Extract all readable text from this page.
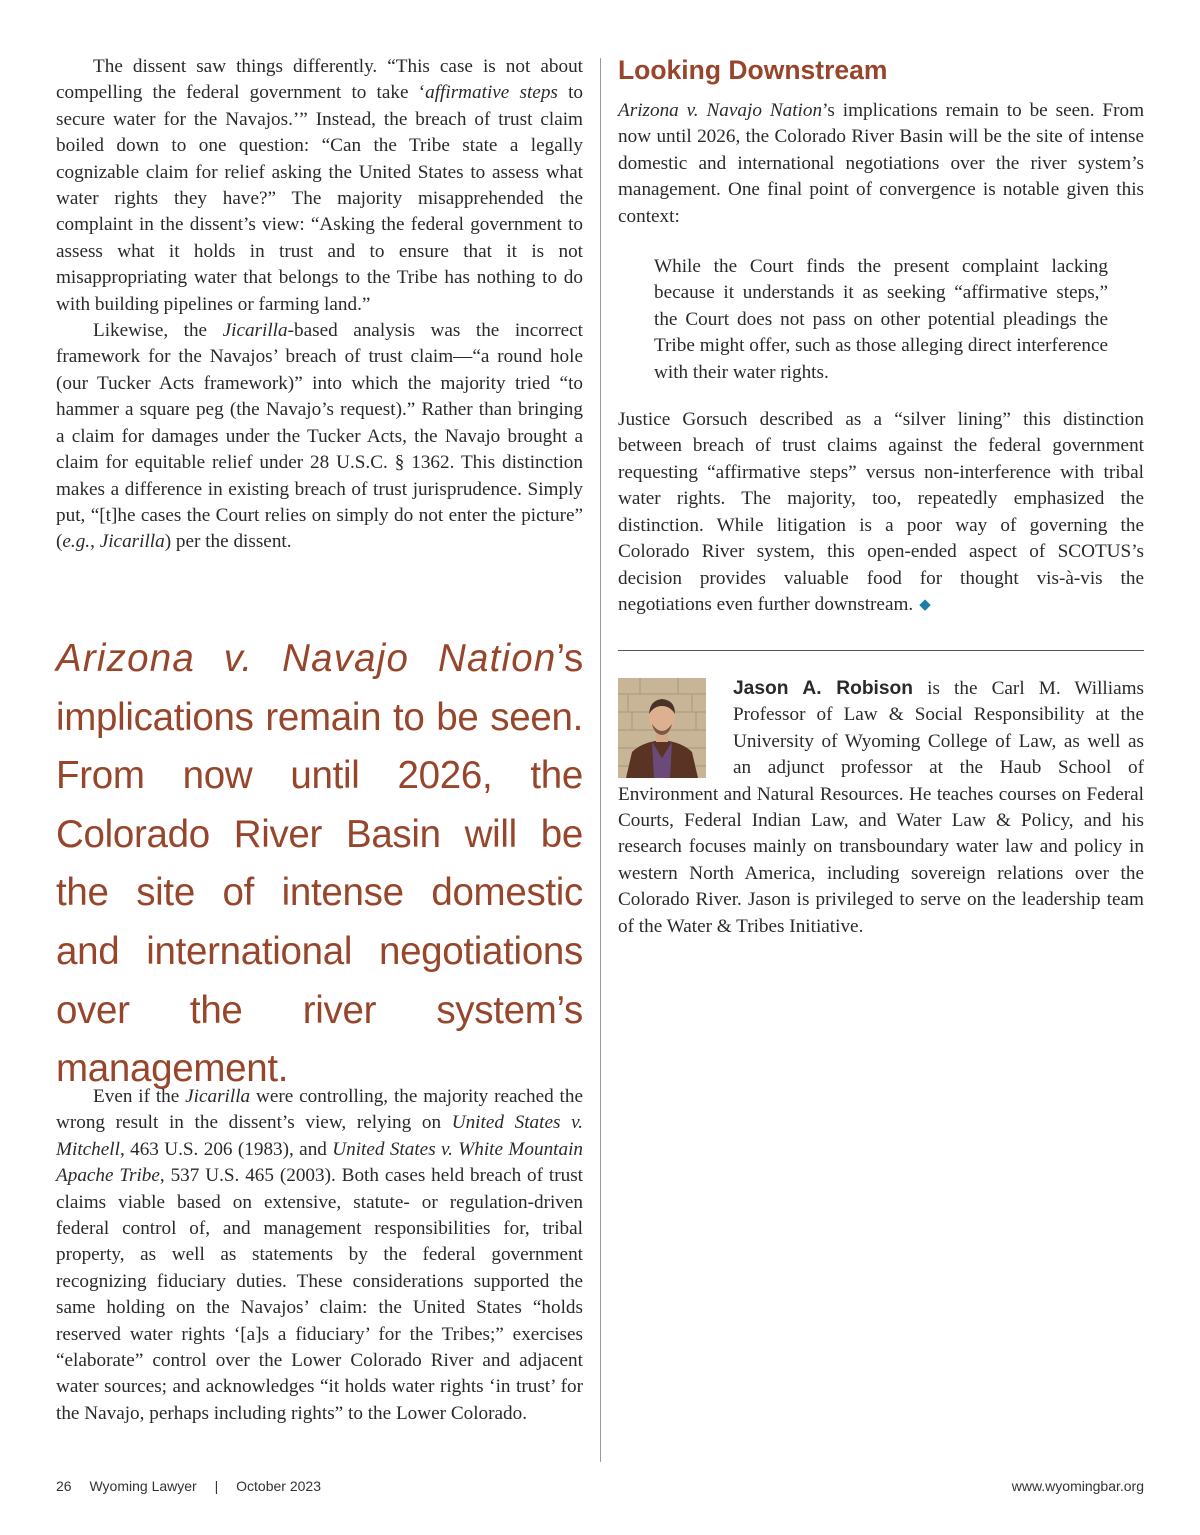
The dissent saw things differently. “This case is not about compelling the federal government to take ‘affirmative steps to secure water for the Navajos.’” Instead, the breach of trust claim boiled down to one question: “Can the Tribe state a legally cognizable claim for relief asking the United States to assess what water rights they have?” The majority misapprehended the complaint in the dissent’s view: “Asking the federal government to assess what it holds in trust and to ensure that it is not misappropriating water that belongs to the Tribe has nothing to do with building pipelines or farming land.”

Likewise, the Jicarilla-based analysis was the incorrect framework for the Navajos’ breach of trust claim—“a round hole (our Tucker Acts framework)” into which the majority tried “to hammer a square peg (the Navajo’s request).” Rather than bringing a claim for damages under the Tucker Acts, the Navajo brought a claim for equitable relief under 28 U.S.C. § 1362. This distinction makes a difference in existing breach of trust jurisprudence. Simply put, “[t]he cases the Court relies on simply do not enter the picture” (e.g., Jicarilla) per the dissent.

Arizona v. Navajo Nation’s implications remain to be seen. From now until 2026, the Colorado River Basin will be the site of intense domestic and international negotiations over the river system’s management.

Even if the Jicarilla were controlling, the majority reached the wrong result in the dissent’s view, relying on United States v. Mitchell, 463 U.S. 206 (1983), and United States v. White Mountain Apache Tribe, 537 U.S. 465 (2003). Both cases held breach of trust claims viable based on extensive, statute- or regulation-driven federal control of, and management responsibilities for, tribal property, as well as statements by the federal government recognizing fiduciary duties. These considerations supported the same holding on the Navajos’ claim: the United States “holds reserved water rights ‘[a]s a fiduciary’ for the Tribes;” exercises “elaborate” control over the Lower Colorado River and adjacent water sources; and acknowledges “it holds water rights ‘in trust’ for the Navajo, perhaps including rights” to the Lower Colorado.

Looking Downstream

Arizona v. Navajo Nation’s implications remain to be seen. From now until 2026, the Colorado River Basin will be the site of intense domestic and international negotiations over the river system’s management. One final point of convergence is notable given this context:

While the Court finds the present complaint lacking because it understands it as seeking “affirmative steps,” the Court does not pass on other potential pleadings the Tribe might offer, such as those alleging direct interference with their water rights.

Justice Gorsuch described as a “silver lining” this distinction between breach of trust claims against the federal government requesting “affirmative steps” versus non-interference with tribal water rights. The majority, too, repeatedly emphasized the distinction. While litigation is a poor way of governing the Colorado River system, this open-ended aspect of SCOTUS’s decision provides valuable food for thought vis-à-vis the negotiations even further downstream. ◆

Jason A. Robison is the Carl M. Williams Professor of Law & Social Responsibility at the University of Wyoming College of Law, as well as an adjunct professor at the Haub School of Environment and Natural Resources. He teaches courses on Federal Courts, Federal Indian Law, and Water Law & Policy, and his research focuses mainly on transboundary water law and policy in western North America, including sovereign relations over the Colorado River. Jason is privileged to serve on the leadership team of the Water & Tribes Initiative.

26 Wyoming Lawyer | October 2023	www.wyomingbar.org
